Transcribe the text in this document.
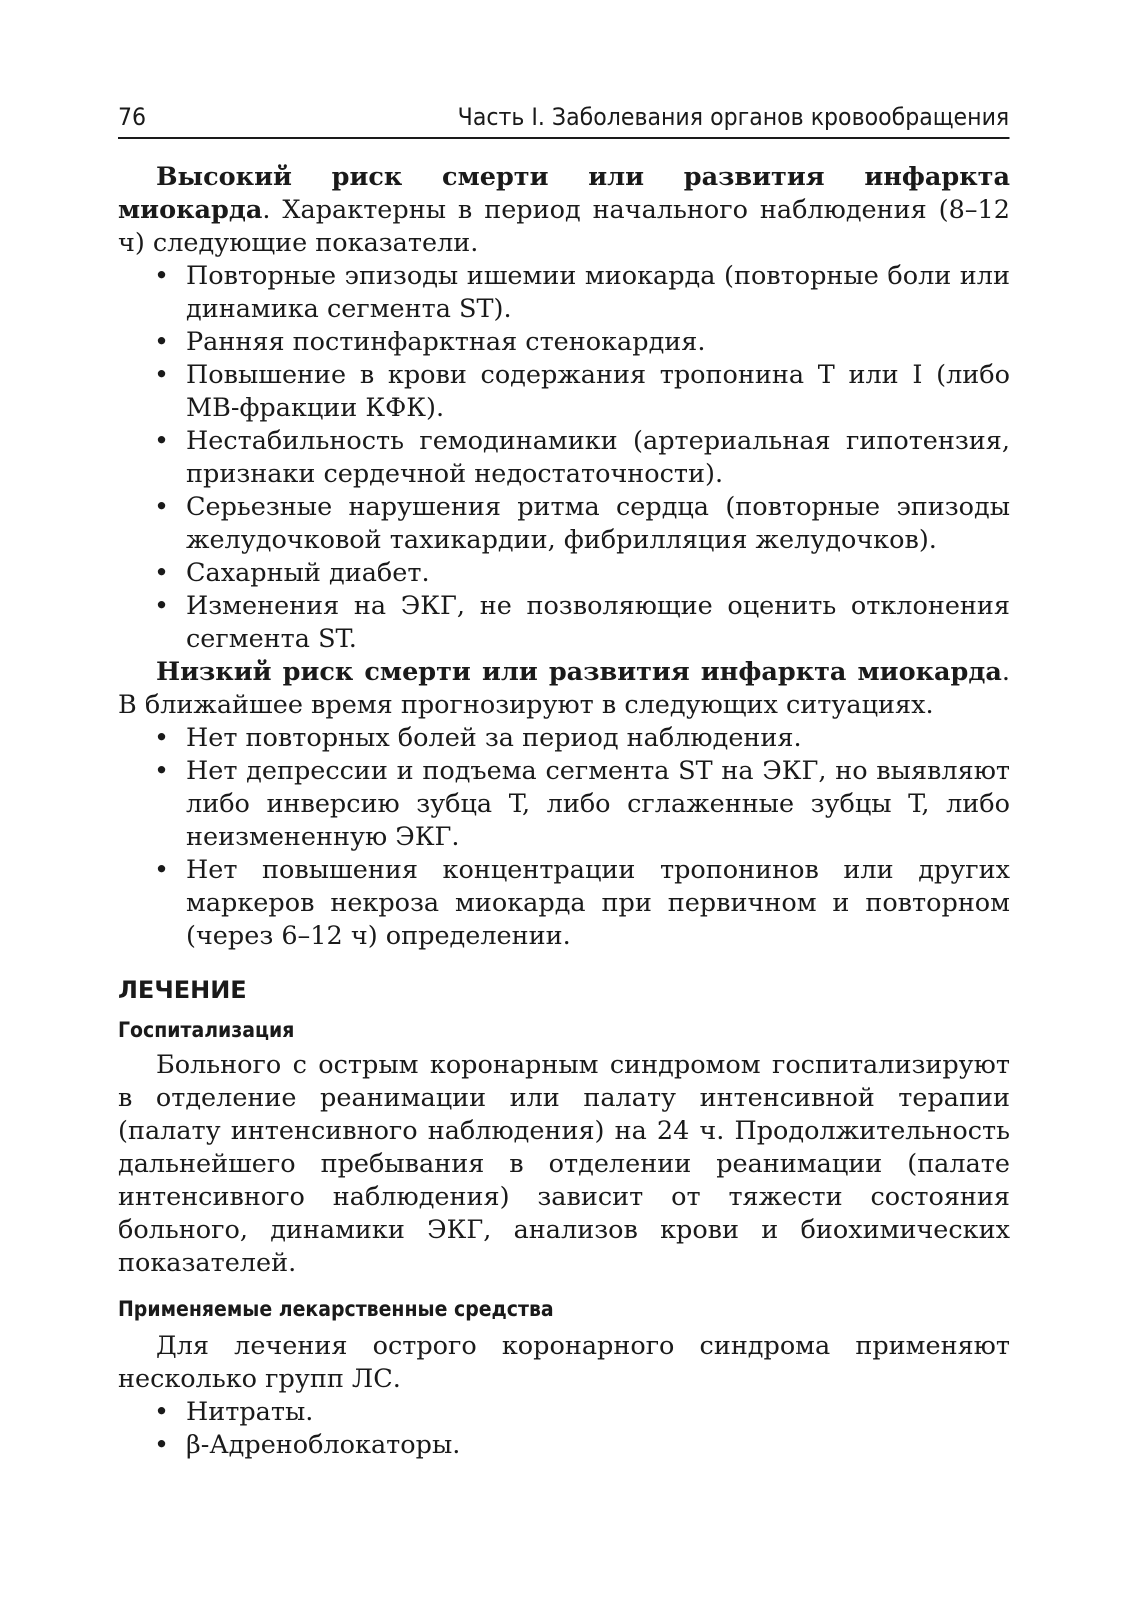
76	Часть I. Заболевания органов кровообращения

Высокий риск смерти или развития инфаркта миокарда. Характерны в период начального наблюдения (8–12 ч) следующие показатели.

• Повторные эпизоды ишемии миокарда (повторные боли или динамика сегмента ST).
• Ранняя постинфарктная стенокардия.
• Повышение в крови содержания тропонина Т или I (либо МВ-фракции КФК).
• Нестабильность гемодинамики (артериальная гипотензия, признаки сердечной недостаточности).
• Серьезные нарушения ритма сердца (повторные эпизоды желудочковой тахикардии, фибрилляция желудочков).
• Сахарный диабет.
• Изменения на ЭКГ, не позволяющие оценить отклонения сегмента ST.

Низкий риск смерти или развития инфаркта миокарда. В ближайшее время прогнозируют в следующих ситуациях.

• Нет повторных болей за период наблюдения.
• Нет депрессии и подъема сегмента ST на ЭКГ, но выявляют либо инверсию зубца T, либо сглаженные зубцы T, либо неизмененную ЭКГ.
• Нет повышения концентрации тропонинов или других маркеров некроза миокарда при первичном и повторном (через 6–12 ч) определении.
ЛЕЧЕНИЕ
Госпитализация

Больного с острым коронарным синдромом госпитализируют в отделение реанимации или палату интенсивной терапии (палату интенсивного наблюдения) на 24 ч. Продолжительность дальнейшего пребывания в отделении реанимации (палате интенсивного наблюдения) зависит от тяжести состояния больного, динамики ЭКГ, анализов крови и биохимических показателей.

Применяемые лекарственные средства

Для лечения острого коронарного синдрома применяют несколько групп ЛС.

• Нитраты.
• β-Адреноблокаторы.
